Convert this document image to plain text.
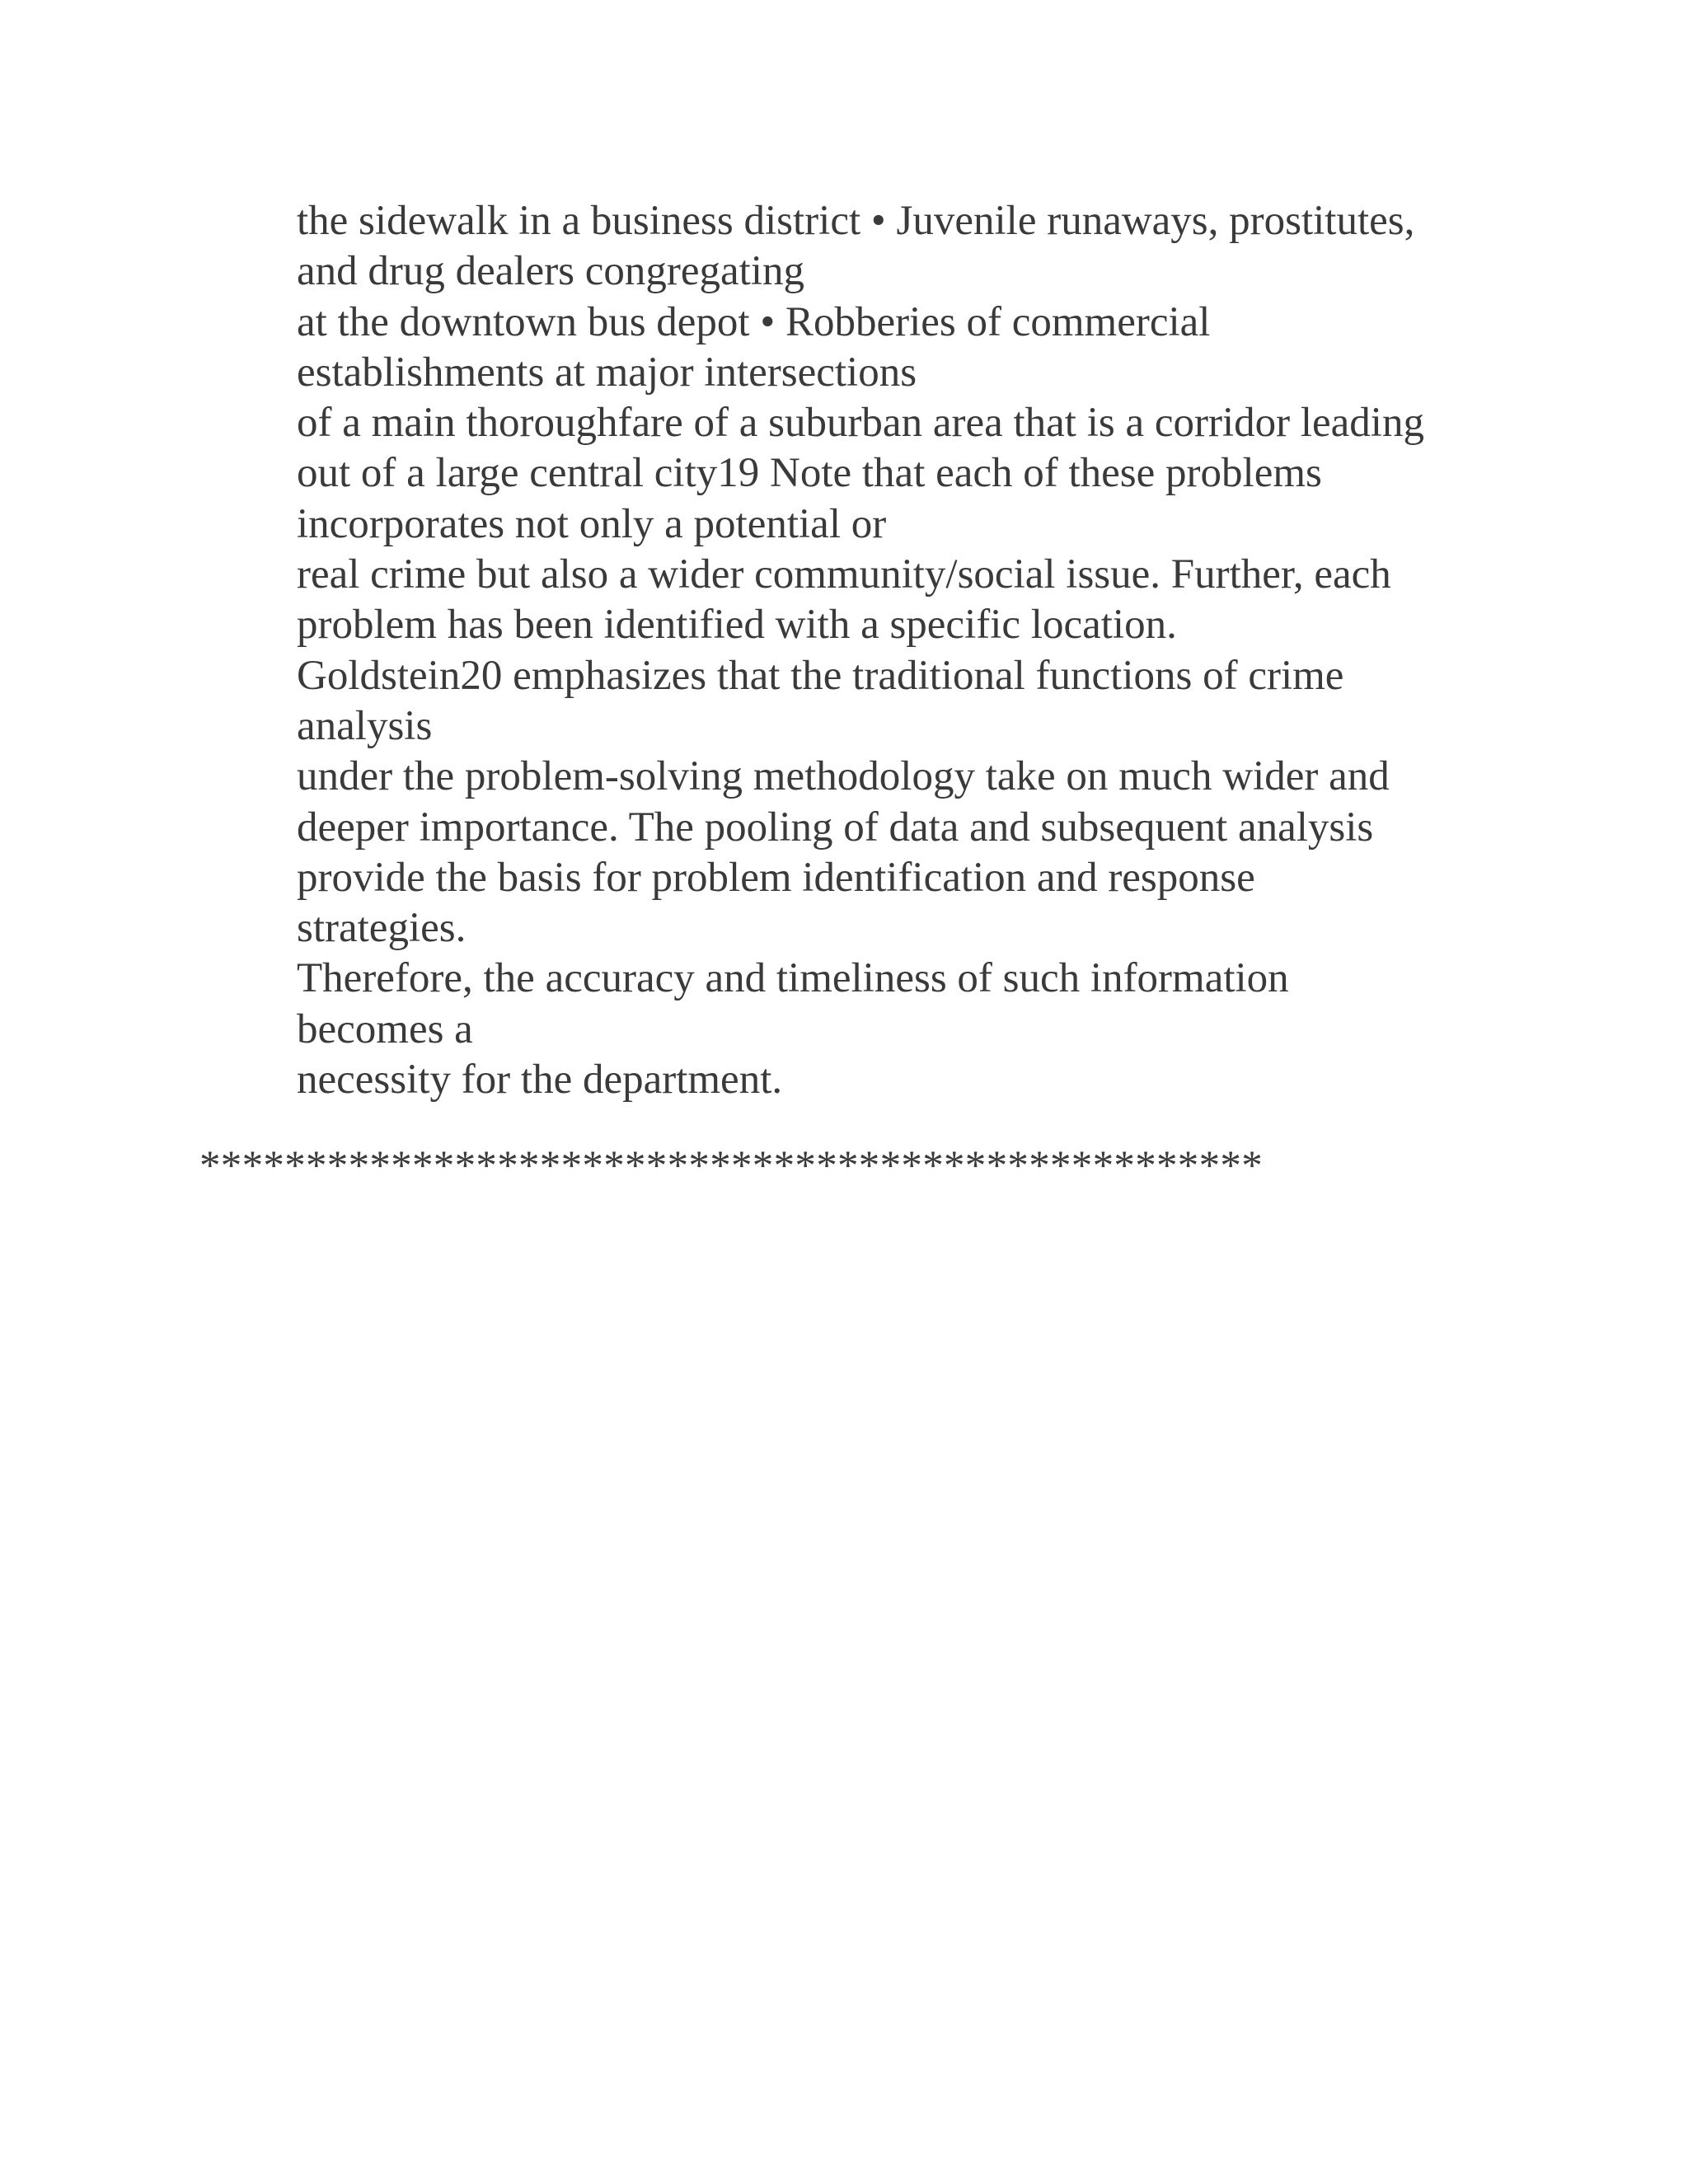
the sidewalk in a business district • Juvenile runaways, prostitutes,
and drug dealers congregating
at the downtown bus depot • Robberies of commercial
establishments at major intersections
of a main thoroughfare of a suburban area that is a corridor leading
out of a large central city19 Note that each of these problems
incorporates not only a potential or
real crime but also a wider community/social issue. Further, each
problem has been identified with a specific location.
Goldstein20 emphasizes that the traditional functions of crime
analysis
under the problem-solving methodology take on much wider and
deeper importance. The pooling of data and subsequent analysis
provide the basis for problem identification and response
strategies.
Therefore, the accuracy and timeliness of such information
becomes a
necessity for the department.
**************************************************
